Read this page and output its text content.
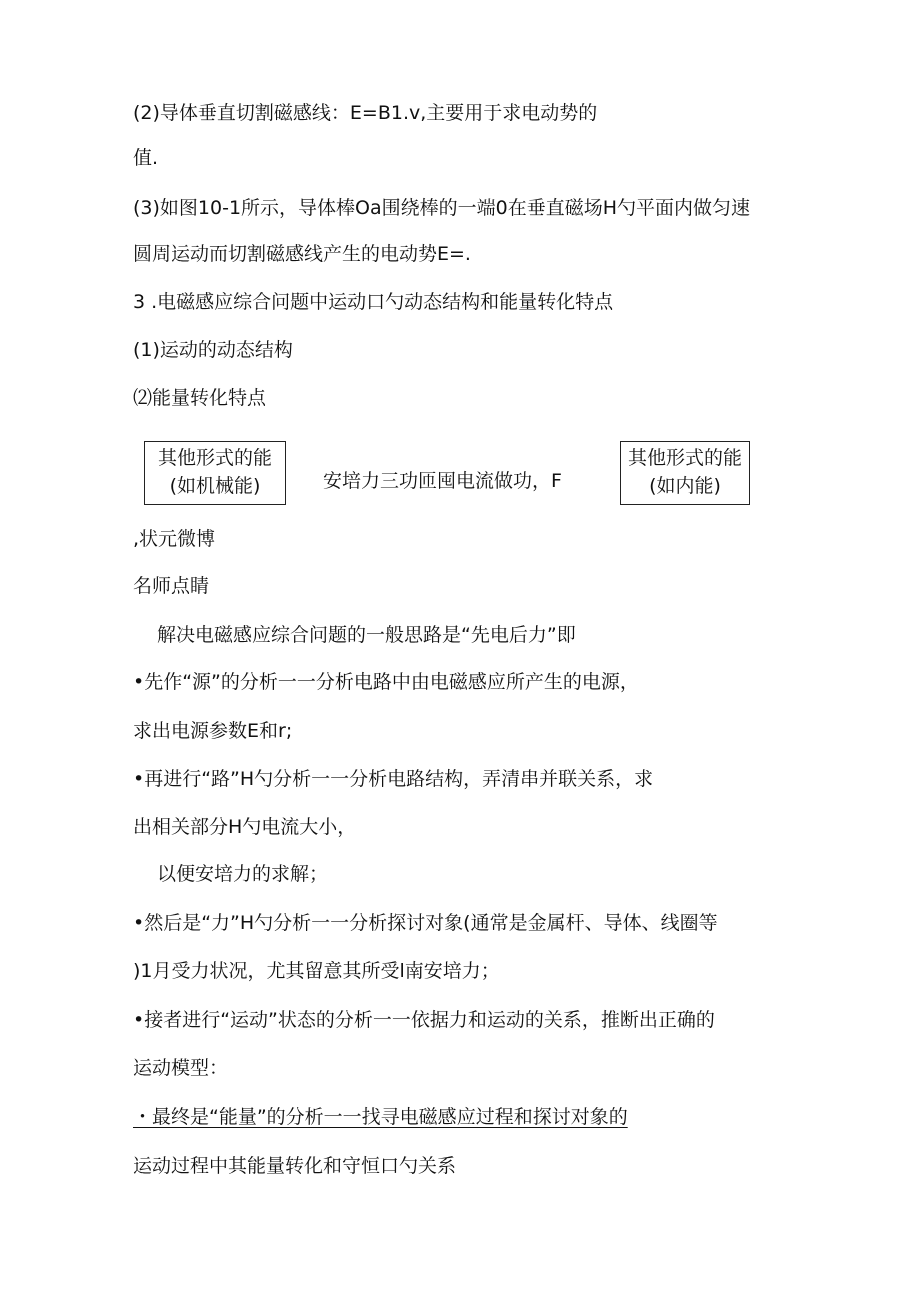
(2)导体垂直切割磁感线：E=B1.v,主要用于求电动势的
值.
(3)如图10-1所示，导体棒Oa围绕棒的一端0在垂直磁场H勺平面内做匀速
圆周运动而切割磁感线产生的电动势E=.
3 .电磁感应综合问题中运动口勺动态结构和能量转化特点
(1)运动的动态结构
⑵能量转化特点
其他形式的能
(如机械能)	安培力三功匝囤电流做功，F
其他形式的能
(如内能)
,状元微博
名师点睛
解决电磁感应综合问题的一般思路是“先电后力”即
•先作“源”的分析一一分析电路中由电磁感应所产生的电源，
求出电源参数E和r;
•再进行“路”H勺分析一一分析电路结构，弄清串并联关系，求
出相关部分H勺电流大小，
以便安培力的求解；
•然后是“力”H勺分析一一分析探讨对象(通常是金属杆、导体、线圈等
)1月受力状况，尤其留意其所受l南安培力；
•接者进行“运动”状态的分析一一依据力和运动的关系，推断出正确的
运动模型：
・最终是“能量”的分析一一找寻电磁感应过程和探讨对象的
运动过程中其能量转化和守恒口勺关系
